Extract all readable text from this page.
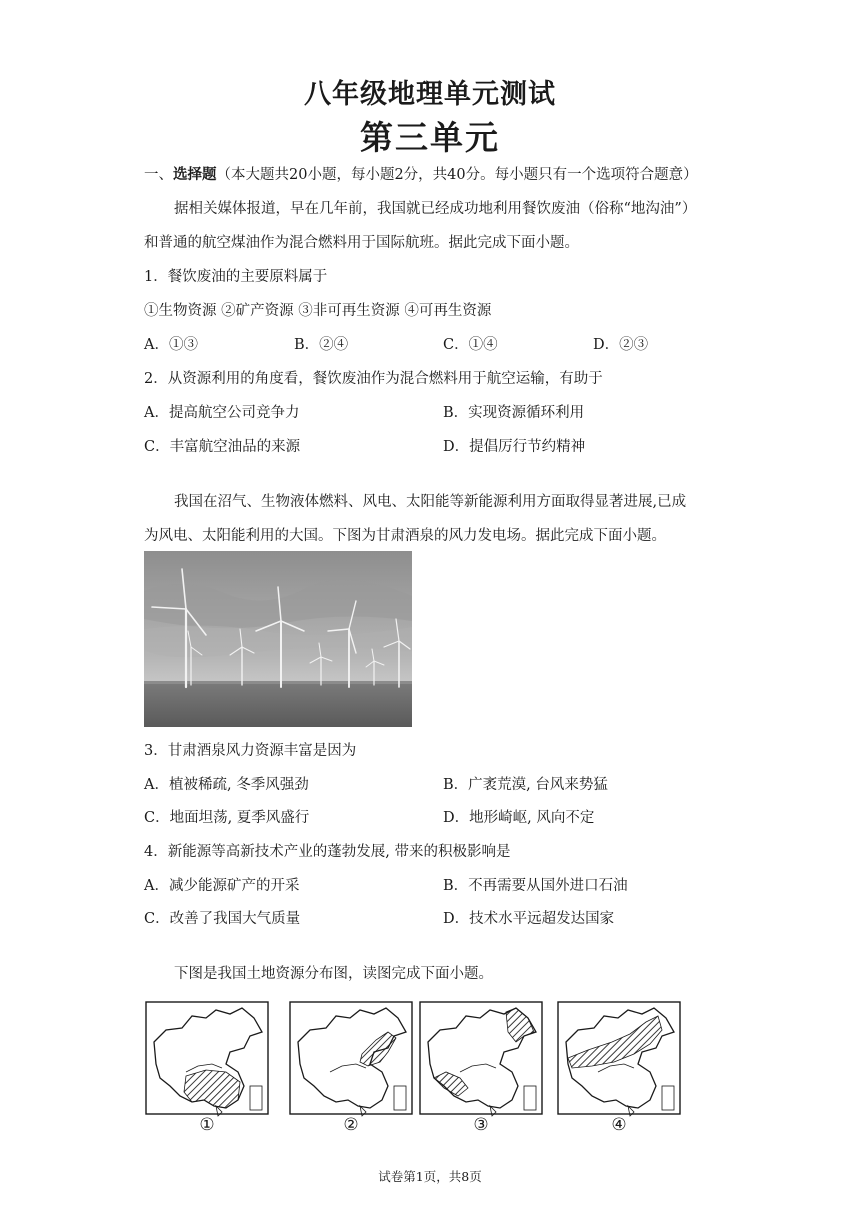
八年级地理单元测试
第三单元
一、选择题（本大题共20小题，每小题2分，共40分。每小题只有一个选项符合题意）
据相关媒体报道，早在几年前，我国就已经成功地利用餐饮废油（俗称“地沟油”）
和普通的航空煤油作为混合燃料用于国际航班。据此完成下面小题。
1．餐饮废油的主要原料属于
①生物资源 ②矿产资源 ③非可再生资源 ④可再生资源
A．①③	B．②④	C．①④	D．②③
2．从资源利用的角度看，餐饮废油作为混合燃料用于航空运输，有助于
A．提高航空公司竞争力	B．实现资源循环利用
C．丰富航空油品的来源	D．提倡厉行节约精神
我国在沼气、生物液体燃料、风电、太阳能等新能源利用方面取得显著进展,已成
为风电、太阳能利用的大国。下图为甘肃酒泉的风力发电场。据此完成下面小题。
3．甘肃酒泉风力资源丰富是因为
A．植被稀疏, 冬季风强劲	B．广袤荒漠, 台风来势猛
C．地面坦荡, 夏季风盛行	D．地形崎岖, 风向不定
4．新能源等高新技术产业的蓬勃发展, 带来的积极影响是
A．减少能源矿产的开采	B．不再需要从国外进口石油
C．改善了我国大气质量	D．技术水平远超发达国家
下图是我国土地资源分布图，读图完成下面小题。
①	②	③	④
试卷第1页，共8页
